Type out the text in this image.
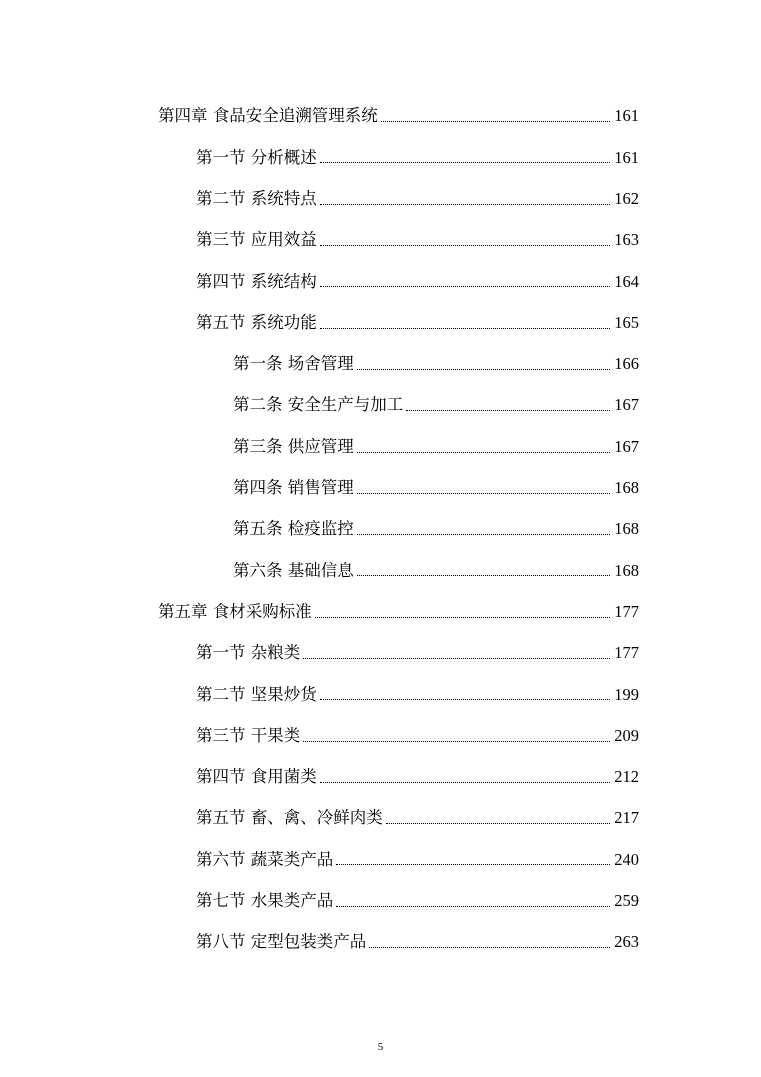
第四章 食品安全追溯管理系统	161
第一节 分析概述	161
第二节 系统特点	162
第三节 应用效益	163
第四节 系统结构	164
第五节 系统功能	165
第一条 场舍管理	166
第二条 安全生产与加工	167
第三条 供应管理	167
第四条 销售管理	168
第五条 检疫监控	168
第六条 基础信息	168
第五章 食材采购标准	177
第一节 杂粮类	177
第二节 坚果炒货	199
第三节 干果类	209
第四节 食用菌类	212
第五节 畜、禽、冷鲜肉类	217
第六节 蔬菜类产品	240
第七节 水果类产品	259
第八节 定型包装类产品	263
5
